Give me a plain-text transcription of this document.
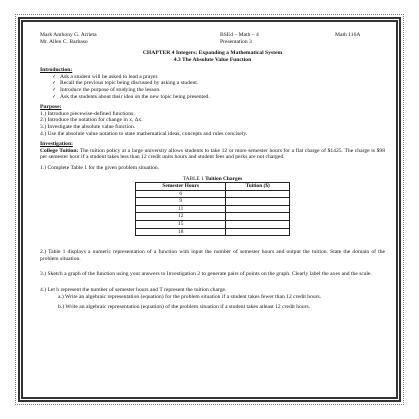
Mark Anthony G. Arrieta
Mr. Allen C. Barbaso
BSEd – Math – 4
Presentation 3
Math 116A
CHAPTER 4 Integers: Expanding a Mathematical System
4.3 The Absolute Value Function
Introduction:
✓ Ask a student will be asked to lead a prayer.
✓ Recall the previous topic being discussed by asking a student.
✓ Introduce the purpose of studying the lesson.
✓ Ask the students about their idea on the new topic being presented.
Purpose:
1.) Introduce piecewise-defined functions.
2.) Introduce the notation for change in x, Δx.
3.) Investigate the absolute value function.
4.) Use the absolute value notation to state mathematical ideas, concepts and rules concisely.
Investigation:
College Tuition: The tuition policy at a large university allows students to take 12 or more semester hours for a flat charge of $1425. The charge is $98 per semester hour if a student takes less than 12 credit units hours and student fees and perks are not charged.
1.) Complete Table 1 for the given problem situation.
TABLE 1 Tuition Charges
Semester Hours	Tuition ($)
6	
9	
11	
12	
15	
18	
2.) Table 1 displays a numeric representation of a function with input the number of semester hours and output the tuition. State the domain of the problem situation.
3.) Sketch a graph of the function using your answers to Investigation 2 to generate pairs of points on the graph. Clearly label the axes and the scale.
4.) Let h represent the number of semester hours and T represent the tuition charge.
a.) Write an algebraic representation (equation) for the problem situation if a student takes fewer than 12 credit hours.
b.) Write an algebraic representation (equation) of the problem situation if a student takes atleast 12 credit hours.
